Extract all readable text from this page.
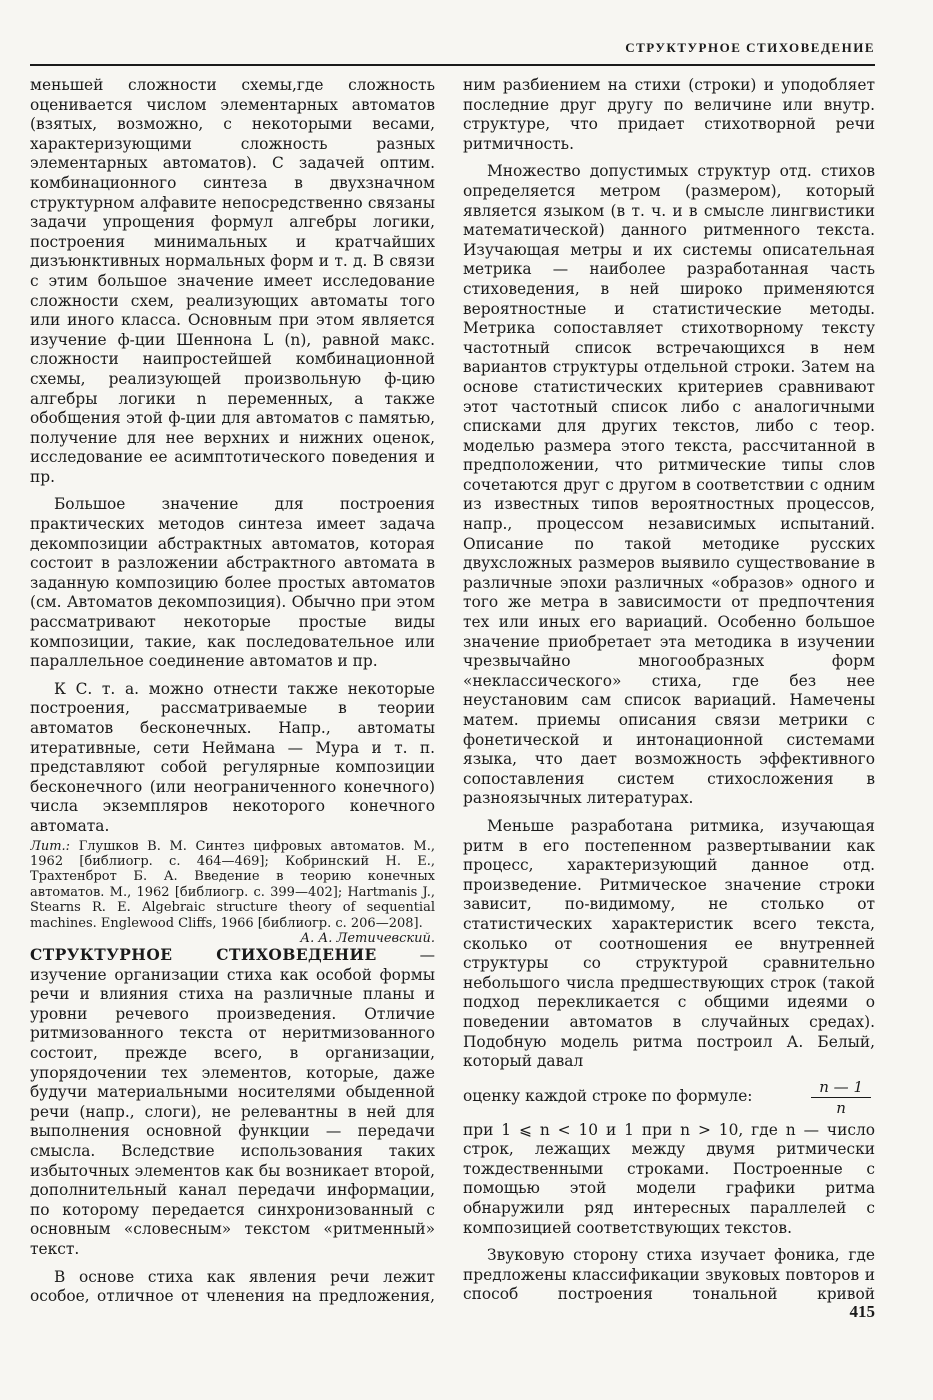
СТРУКТУРНОЕ СТИХОВЕДЕНИЕ

меньшей сложности схемы,где сложность оценивается числом элементарных автоматов (взятых, возможно, с некоторыми весами, характеризующими сложность разных элементарных автоматов). С задачей оптим. комбинационного синтеза в двухзначном структурном алфавите непосредственно связаны задачи упрощения формул алгебры логики, построения минимальных и кратчайших дизъюнктивных нормальных форм и т. д. В связи с этим большое значение имеет исследование сложности схем, реализующих автоматы того или иного класса. Основным при этом является изучение ф-ции Шеннона L (n), равной макс. сложности наипростейшей комбинационной схемы, реализующей произвольную ф-цию алгебры логики n переменных, а также обобщения этой ф-ции для автоматов с памятью, получение для нее верхних и нижних оценок, исследование ее асимптотического поведения и пр.

Большое значение для построения практических методов синтеза имеет задача декомпозиции абстрактных автоматов, которая состоит в разложении абстрактного автомата в заданную композицию более простых автоматов (см. Автоматов декомпозиция). Обычно при этом рассматривают некоторые простые виды композиции, такие, как последовательное или параллельное соединение автоматов и пр.

К С. т. а. можно отнести также некоторые построения, рассматриваемые в теории автоматов бесконечных. Напр., автоматы итеративные, сети Неймана — Мура и т. п. представляют собой регулярные композиции бесконечного (или неограниченного конечного) числа экземпляров некоторого конечного автомата.

Лит.: Глушков В. М. Синтез цифровых автоматов. М., 1962 [библиогр. с. 464—469]; Кобринский Н. Е., Трахтенброт Б. А. Введение в теорию конечных автоматов. М., 1962 [библиогр. с. 399—402]; Hartmanis J., Stearns R. E. Algebraic structure theory of sequential machines. Englewood Cliffs, 1966 [библиогр. с. 206—208].

А. А. Летичевский.

СТРУКТУРНОЕ СТИХОВЕДЕНИЕ — изучение организации стиха как особой формы речи и влияния стиха на различные планы и уровни речевого произведения. Отличие ритмизованного текста от неритмизованного состоит, прежде всего, в организации, упорядочении тех элементов, которые, даже будучи материальными носителями обыденной речи (напр., слоги), не релевантны в ней для выполнения основной функции — передачи смысла. Вследствие использования таких избыточных элементов как бы возникает второй, дополнительный канал передачи информации, по которому передается синхронизованный с основным «словесным» текстом «ритменный» текст.

В основе стиха как явления речи лежит особое, отличное от членения на предложения,

ним разбиением на стихи (строки) и уподобляет последние друг другу по величине или внутр. структуре, что придает стихотворной речи ритмичность.

Множество допустимых структур отд. стихов определяется метром (размером), который является языком (в т. ч. и в смысле лингвистики математической) данного ритменного текста. Изучающая метры и их системы описательная метрика — наиболее разработанная часть стиховедения, в ней широко применяются вероятностные и статистические методы. Метрика сопоставляет стихотворному тексту частотный список встречающихся в нем вариантов структуры отдельной строки. Затем на основе статистических критериев сравнивают этот частотный список либо с аналогичными списками для других текстов, либо с теор. моделью размера этого текста, рассчитанной в предположении, что ритмические типы слов сочетаются друг с другом в соответствии с одним из известных типов вероятностных процессов, напр., процессом независимых испытаний. Описание по такой методике русских двухсложных размеров выявило существование в различные эпохи различных «образов» одного и того же метра в зависимости от предпочтения тех или иных его вариаций. Особенно большое значение приобретает эта методика в изучении чрезвычайно многообразных форм «неклассического» стиха, где без нее неустановим сам список вариаций. Намечены матем. приемы описания связи метрики с фонетической и интонационной системами языка, что дает возможность эффективного сопоставления систем стихосложения в разноязычных литературах.

Меньше разработана ритмика, изучающая ритм в его постепенном развертывании как процесс, характеризующий данное отд. произведение. Ритмическое значение строки зависит, по-видимому, не столько от статистических характеристик всего текста, сколько от соотношения ее внутренней структуры со структурой сравнительно небольшого числа предшествующих строк (такой подход перекликается с общими идеями о поведении автоматов в случайных средах). Подобную модель ритма построил А. Белый, который давал

оценку каждой строке по формуле:	$\frac{n — 1}{n}$

при 1 ⩽ n < 10 и 1 при n > 10, где n — число строк, лежащих между двумя ритмически тождественными строками. Построенные с помощью этой модели графики ритма обнаружили ряд интересных параллелей с композицией соответствующих текстов.

Звуковую сторону стиха изучает фоника, где предложены классификации звуковых повторов и способ построения тональной кривой

415
